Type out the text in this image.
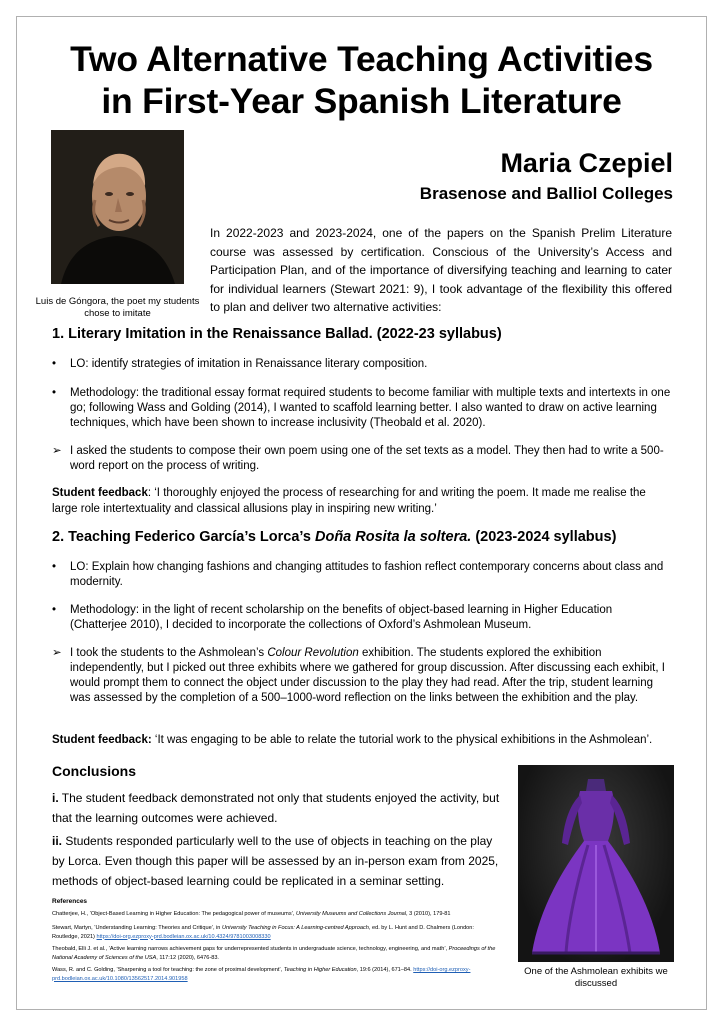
Two Alternative Teaching Activities
in First-Year Spanish Literature
Luis de Góngora, the poet my students chose to imitate
Maria Czepiel
Brasenose and Balliol Colleges

In 2022-2023 and 2023-2024, one of the papers on the Spanish Prelim Literature course was assessed by certification. Conscious of the University’s Access and Participation Plan, and of the importance of diversifying teaching and learning to cater for individual learners (Stewart 2021: 9), I took advantage of the flexibility this offered to plan and deliver two alternative activities:

1. Literary Imitation in the Renaissance Ballad. (2022-23 syllabus)
•	LO: identify strategies of imitation in Renaissance literary composition.
•	Methodology: the traditional essay format required students to become familiar with multiple texts and intertexts in one go; following Wass and Golding (2014), I wanted to scaffold learning better. I also wanted to draw on active learning techniques, which have been shown to increase inclusivity (Theobald et al. 2020).
➢ I asked the students to compose their own poem using one of the set texts as a model. They then had to write a 500-word report on the process of writing.

Student feedback: ‘I thoroughly enjoyed the process of researching for and writing the poem. It made me realise the large role intertextuality and classical allusions play in inspiring new writing.’

2. Teaching Federico García’s Lorca’s Doña Rosita la soltera. (2023-2024 syllabus)
•	LO: Explain how changing fashions and changing attitudes to fashion reflect contemporary concerns about class and modernity.
•	Methodology: in the light of recent scholarship on the benefits of object-based learning in Higher Education (Chatterjee 2010), I decided to incorporate the collections of Oxford’s Ashmolean Museum.
➢ I took the students to the Ashmolean’s Colour Revolution exhibition. The students explored the exhibition independently, but I picked out three exhibits where we gathered for group discussion. After discussing each exhibit, I would prompt them to connect the object under discussion to the play they had read. After the trip, student learning was assessed by the completion of a 500–1000-word reflection on the links between the exhibition and the play.

Student feedback: ‘It was engaging to be able to relate the tutorial work to the physical exhibitions in the Ashmolean’.

Conclusions

i. The student feedback demonstrated not only that students enjoyed the activity, but that the learning outcomes were achieved.

ii. Students responded particularly well to the use of objects in teaching on the play by Lorca. Even though this paper will be assessed by an in-person exam from 2025, methods of object-based learning could be replicated in a seminar setting.

References

Chatterjee, H., ‘Object-Based Learning in Higher Education: The pedagogical power of museums’, University Museums and Collections Journal, 3 (2010), 179-81

Stewart, Martyn, ‘Understanding Learning: Theories and Critique’, in University Teaching in Focus: A Learning-centred Approach, ed. by L. Hunt and D. Chalmers (London: Routledge, 2021) https://doi-org.ezproxy-prd.bodleian.ox.ac.uk/10.4324/9781003008330

Theobald, Elli J. et al., ‘Active learning narrows achievement gaps for underrepresented students in undergraduate science, technology, engineering, and math’, Proceedings of the National Academy of Sciences of the USA, 117:12 (2020), 6476-83.

Wass, R. and C. Golding, ‘Sharpening a tool for teaching: the zone of proximal development’, Teaching in Higher Education, 19:6 (2014), 671–84. https://doi-org.ezproxy-prd.bodleian.ox.ac.uk/10.1080/13562517.2014.901958

One of the Ashmolean exhibits we discussed
